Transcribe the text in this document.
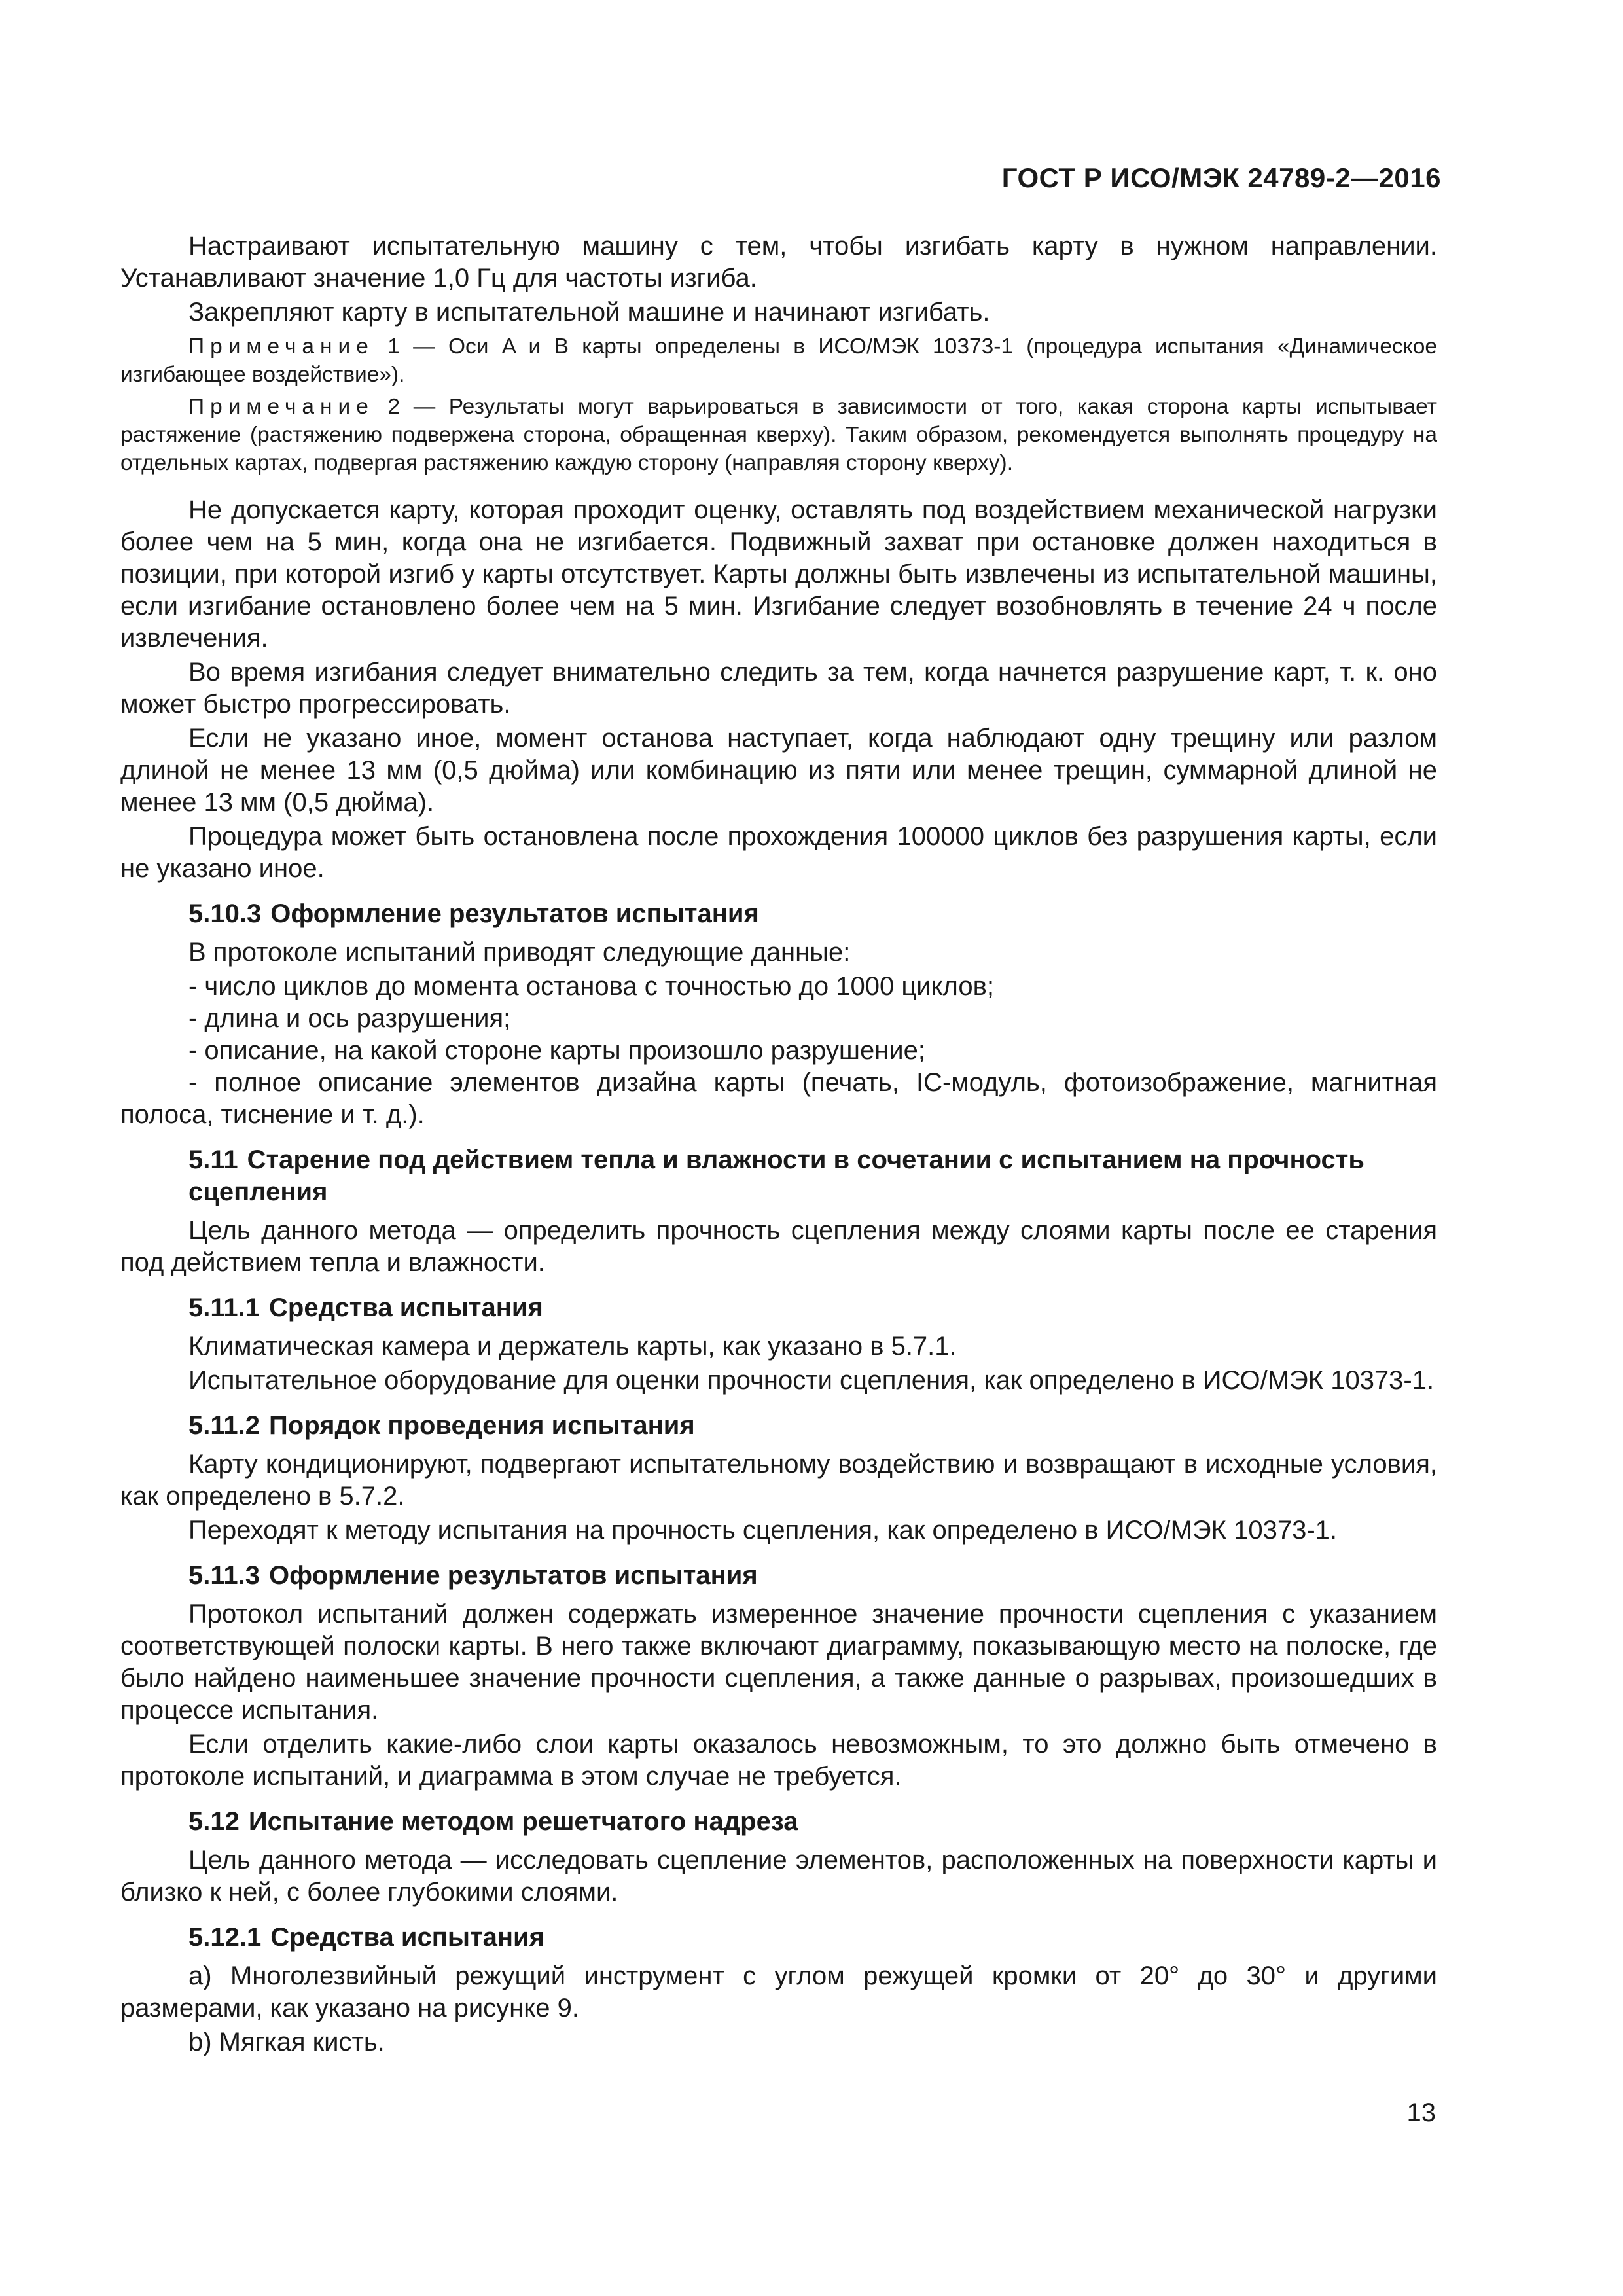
ГОСТ Р ИСО/МЭК 24789-2—2016

Настраивают испытательную машину с тем, чтобы изгибать карту в нужном направлении. Устанавливают значение 1,0 Гц для частоты изгиба.

Закрепляют карту в испытательной машине и начинают изгибать.

Примечание 1 — Оси A и B карты определены в ИСО/МЭК 10373-1 (процедура испытания «Динамическое изгибающее воздействие»).

Примечание 2 — Результаты могут варьироваться в зависимости от того, какая сторона карты испытывает растяжение (растяжению подвержена сторона, обращенная кверху). Таким образом, рекомендуется выполнять процедуру на отдельных картах, подвергая растяжению каждую сторону (направляя сторону кверху).

Не допускается карту, которая проходит оценку, оставлять под воздействием механической нагрузки более чем на 5 мин, когда она не изгибается. Подвижный захват при остановке должен находиться в позиции, при которой изгиб у карты отсутствует. Карты должны быть извлечены из испытательной машины, если изгибание остановлено более чем на 5 мин. Изгибание следует возобновлять в течение 24 ч после извлечения.

Во время изгибания следует внимательно следить за тем, когда начнется разрушение карт, т. к. оно может быстро прогрессировать.

Если не указано иное, момент останова наступает, когда наблюдают одну трещину или разлом длиной не менее 13 мм (0,5 дюйма) или комбинацию из пяти или менее трещин, суммарной длиной не менее 13 мм (0,5 дюйма).

Процедура может быть остановлена после прохождения 100000 циклов без разрушения карты, если не указано иное.

5.10.3 Оформление результатов испытания

В протоколе испытаний приводят следующие данные:

- число циклов до момента останова с точностью до 1000 циклов;

- длина и ось разрушения;

- описание, на какой стороне карты произошло разрушение;

- полное описание элементов дизайна карты (печать, IC-модуль, фотоизображение, магнитная полоса, тиснение и т. д.).

5.11 Старение под действием тепла и влажности в сочетании с испытанием на прочность сцепления

Цель данного метода — определить прочность сцепления между слоями карты после ее старения под действием тепла и влажности.

5.11.1 Средства испытания

Климатическая камера и держатель карты, как указано в 5.7.1.

Испытательное оборудование для оценки прочности сцепления, как определено в ИСО/МЭК 10373-1.

5.11.2 Порядок проведения испытания

Карту кондиционируют, подвергают испытательному воздействию и возвращают в исходные условия, как определено в 5.7.2.

Переходят к методу испытания на прочность сцепления, как определено в ИСО/МЭК 10373-1.

5.11.3 Оформление результатов испытания

Протокол испытаний должен содержать измеренное значение прочности сцепления с указанием соответствующей полоски карты. В него также включают диаграмму, показывающую место на полоске, где было найдено наименьшее значение прочности сцепления, а также данные о разрывах, произошедших в процессе испытания.

Если отделить какие-либо слои карты оказалось невозможным, то это должно быть отмечено в протоколе испытаний, и диаграмма в этом случае не требуется.

5.12 Испытание методом решетчатого надреза

Цель данного метода — исследовать сцепление элементов, расположенных на поверхности карты и близко к ней, с более глубокими слоями.

5.12.1 Средства испытания

a) Многолезвийный режущий инструмент с углом режущей кромки от 20° до 30° и другими размерами, как указано на рисунке 9.

b) Мягкая кисть.

13
